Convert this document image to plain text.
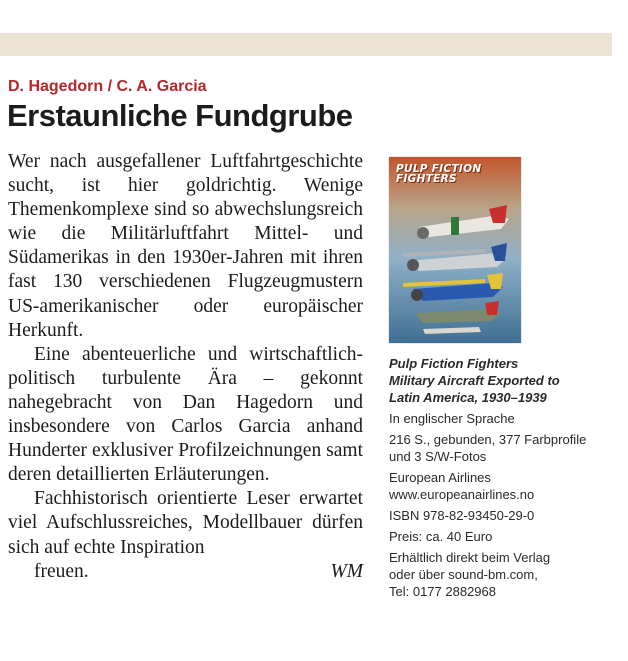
D. Hagedorn / C. A. Garcia
Erstaunliche Fundgrube

Wer nach ausgefallener Luftfahrtgeschichte sucht, ist hier goldrichtig. Wenige Themenkomplexe sind so abwechslungsreich wie die Militärluftfahrt Mittel- und Südamerikas in den 1930er-Jahren mit ihren fast 130 verschiedenen Flugzeugmustern US-amerikanischer oder europäischer Herkunft.

Eine abenteuerliche und wirtschaftlich-politisch turbulente Ära – gekonnt nahegebracht von Dan Hagedorn und insbesondere von Carlos Garcia anhand Hunderter exklusiver Profilzeichnungen samt deren detaillierten Erläuterungen.

Fachhistorisch orientierte Leser erwartet viel Aufschlussreiches, Modellbauer dürfen sich auf echte Inspiration

freuen.	WM
PULP FICTION
FIGHTERS
Pulp Fiction Fighters
Military Aircraft Exported to
Latin America, 1930–1939
In englischer Sprache
216 S., gebunden, 377 Farbprofile
und 3 S/W-Fotos
European Airlines
www.europeanairlines.no
ISBN 978-82-93450-29-0
Preis: ca. 40 Euro
Erhältlich direkt beim Verlag
oder über sound-bm.com,
Tel: 0177 2882968
